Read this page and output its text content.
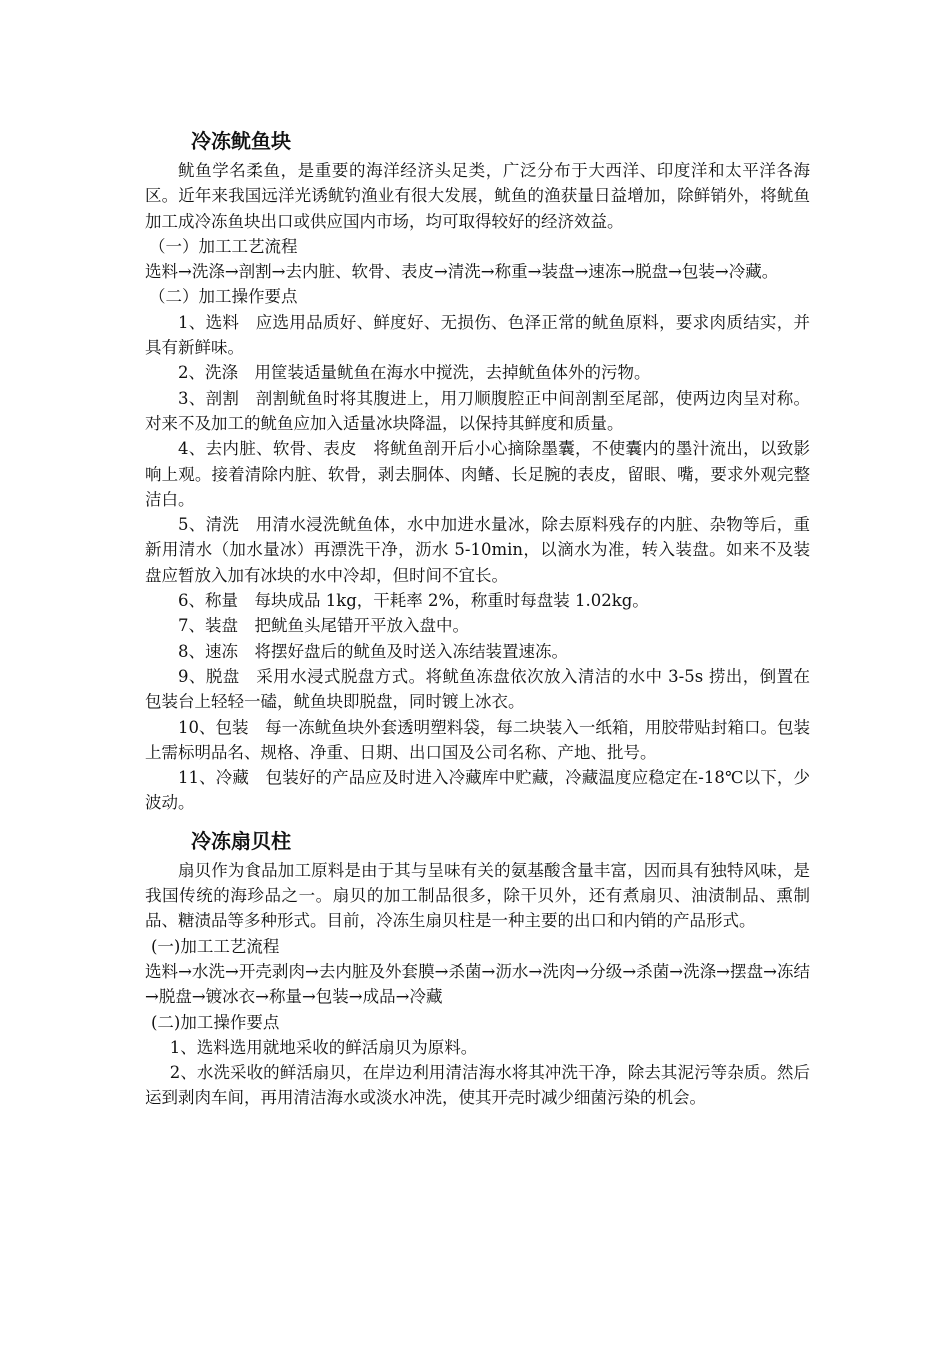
冷冻鱿鱼块

鱿鱼学名柔鱼，是重要的海洋经济头足类，广泛分布于大西洋、印度洋和太平洋各海区。近年来我国远洋光诱鱿钓渔业有很大发展，鱿鱼的渔获量日益增加，除鲜销外，将鱿鱼加工成冷冻鱼块出口或供应国内市场，均可取得较好的经济效益。

（一）加工工艺流程

选料→洗涤→剖割→去内脏、软骨、表皮→清洗→称重→装盘→速冻→脱盘→包装→冷藏。

（二）加工操作要点

1、选料 应选用品质好、鲜度好、无损伤、色泽正常的鱿鱼原料，要求肉质结实，并具有新鲜味。

2、洗涤 用筐装适量鱿鱼在海水中搅洗，去掉鱿鱼体外的污物。

3、剖割 剖割鱿鱼时将其腹进上，用刀顺腹腔正中间剖割至尾部，使两边肉呈对称。对来不及加工的鱿鱼应加入适量冰块降温，以保持其鲜度和质量。

4、去内脏、软骨、表皮 将鱿鱼剖开后小心摘除墨囊，不使囊内的墨汁流出，以致影响上观。接着清除内脏、软骨，剥去胴体、肉鳍、长足腕的表皮，留眼、嘴，要求外观完整洁白。

5、清洗 用清水浸洗鱿鱼体，水中加进水量冰，除去原料残存的内脏、杂物等后，重新用清水（加水量冰）再漂洗干净，沥水 5-10min，以滴水为准，转入装盘。如来不及装盘应暂放入加有冰块的水中冷却，但时间不宜长。

6、称量 每块成品 1kg，干耗率 2%，称重时每盘装 1.02kg。

7、装盘 把鱿鱼头尾错开平放入盘中。

8、速冻 将摆好盘后的鱿鱼及时送入冻结装置速冻。

9、脱盘 采用水浸式脱盘方式。将鱿鱼冻盘依次放入清洁的水中 3-5s 捞出，倒置在包装台上轻轻一磕，鱿鱼块即脱盘，同时镀上冰衣。

10、包装 每一冻鱿鱼块外套透明塑料袋，每二块装入一纸箱，用胶带贴封箱口。包装上需标明品名、规格、净重、日期、出口国及公司名称、产地、批号。

11、冷藏 包装好的产品应及时进入冷藏库中贮藏，冷藏温度应稳定在-18℃以下，少波动。

冷冻扇贝柱

扇贝作为食品加工原料是由于其与呈味有关的氨基酸含量丰富，因而具有独特风味，是我国传统的海珍品之一。扇贝的加工制品很多，除干贝外，还有煮扇贝、油渍制品、熏制品、糖渍品等多种形式。目前，冷冻生扇贝柱是一种主要的出口和内销的产品形式。

(一)加工工艺流程

选料→水洗→开壳剥肉→去内脏及外套膜→杀菌→沥水→洗肉→分级→杀菌→洗涤→摆盘→冻结→脱盘→镀冰衣→称量→包装→成品→冷藏

(二)加工操作要点

1、选料选用就地采收的鲜活扇贝为原料。

2、水洗采收的鲜活扇贝，在岸边利用清洁海水将其冲洗干净，除去其泥污等杂质。然后运到剥肉车间，再用清洁海水或淡水冲洗，使其开壳时减少细菌污染的机会。
